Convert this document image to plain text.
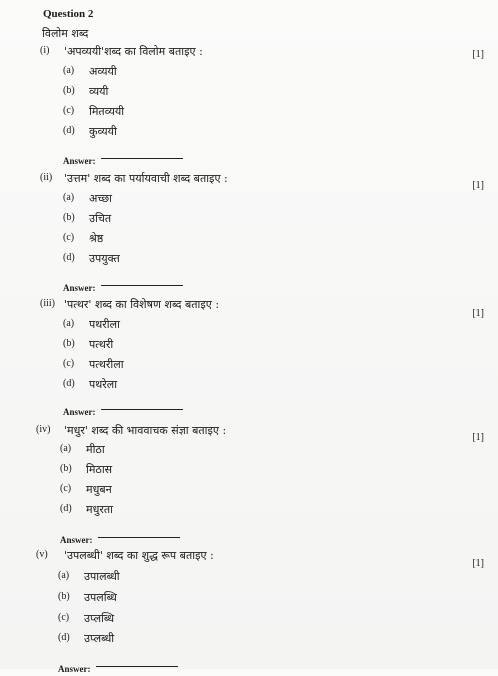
Question 2
विलोम शब्द
(i) 'अपव्ययी'शब्द का विलोम बताइए :	[1]
(a) अव्ययी
(b) व्ययी
(c) मितव्ययी
(d) कुव्ययी
Answer:
(ii) 'उत्तम' शब्द का पर्यायवाची शब्द बताइए :
[1]
(a) अच्छा
(b) उचित
(c) श्रेष्ठ
(d) उपयुक्त
Answer:
(iii) 'पत्थर' शब्द का विशेषण शब्द बताइए :
[1]
(a) पथरीला
(b) पत्थरी
(c) पत्थरीला
(d) पथरेला
Answer:
(iv) 'मधुर' शब्द की भाववाचक संज्ञा बताइए :
[1]
(a) मीठा
(b) मिठास
(c) मधुबन
(d) मधुरता
Answer:
(v) 'उपलब्धी' शब्द का शुद्ध रूप बताइए :
[1]
(a) उपालब्धी
(b) उपलब्धि
(c) उप्लब्धि
(d) उप्लब्धी
Answer:
